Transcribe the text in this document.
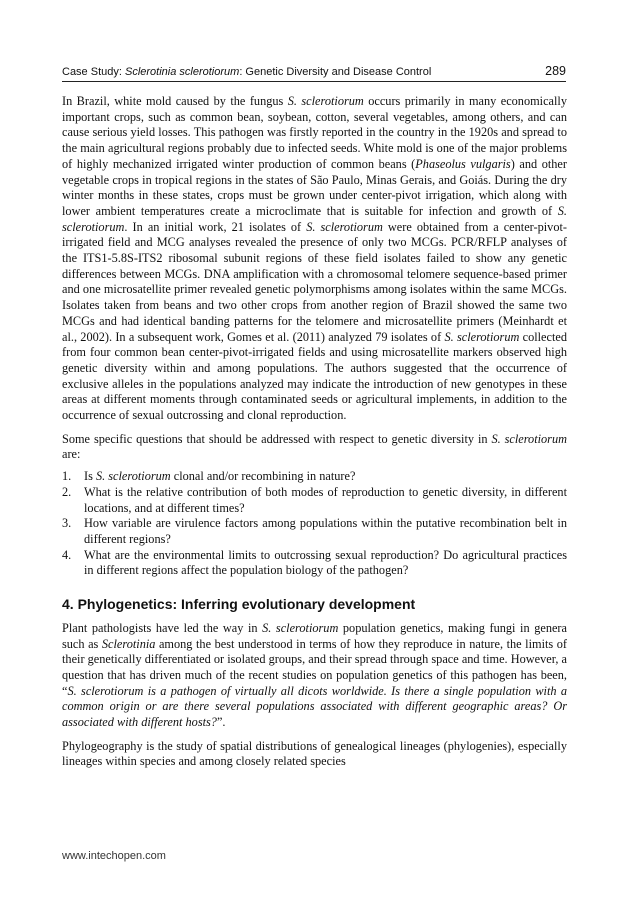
Case Study: Sclerotinia sclerotiorum: Genetic Diversity and Disease Control	289

In Brazil, white mold caused by the fungus S. sclerotiorum occurs primarily in many economically important crops, such as common bean, soybean, cotton, several vegetables, among others, and can cause serious yield losses. This pathogen was firstly reported in the country in the 1920s and spread to the main agricultural regions probably due to infected seeds. White mold is one of the major problems of highly mechanized irrigated winter production of common beans (Phaseolus vulgaris) and other vegetable crops in tropical regions in the states of São Paulo, Minas Gerais, and Goiás. During the dry winter months in these states, crops must be grown under center-pivot irrigation, which along with lower ambient temperatures create a microclimate that is suitable for infection and growth of S. sclerotiorum. In an initial work, 21 isolates of S. sclerotiorum were obtained from a center-pivot-irrigated field and MCG analyses revealed the presence of only two MCGs. PCR/RFLP analyses of the ITS1-5.8S-ITS2 ribosomal subunit regions of these field isolates failed to show any genetic differences between MCGs. DNA amplification with a chromosomal telomere sequence-based primer and one microsatellite primer revealed genetic polymorphisms among isolates within the same MCGs. Isolates taken from beans and two other crops from another region of Brazil showed the same two MCGs and had identical banding patterns for the telomere and microsatellite primers (Meinhardt et al., 2002). In a subsequent work, Gomes et al. (2011) analyzed 79 isolates of S. sclerotiorum collected from four common bean center-pivot-irrigated fields and using microsatellite markers observed high genetic diversity within and among populations. The authors suggested that the occurrence of exclusive alleles in the populations analyzed may indicate the introduction of new genotypes in these areas at different moments through contaminated seeds or agricultural implements, in addition to the occurrence of sexual outcrossing and clonal reproduction.

Some specific questions that should be addressed with respect to genetic diversity in S. sclerotiorum are:

1.	Is S. sclerotiorum clonal and/or recombining in nature?
2.	What is the relative contribution of both modes of reproduction to genetic diversity, in different locations, and at different times?
3.	How variable are virulence factors among populations within the putative recombination belt in different regions?
4.	What are the environmental limits to outcrossing sexual reproduction? Do agricultural practices in different regions affect the population biology of the pathogen?
4. Phylogenetics: Inferring evolutionary development

Plant pathologists have led the way in S. sclerotiorum population genetics, making fungi in genera such as Sclerotinia among the best understood in terms of how they reproduce in nature, the limits of their genetically differentiated or isolated groups, and their spread through space and time. However, a question that has driven much of the recent studies on population genetics of this pathogen has been, “S. sclerotiorum is a pathogen of virtually all dicots worldwide. Is there a single population with a common origin or are there several populations associated with different geographic areas? Or associated with different hosts?”.

Phylogeography is the study of spatial distributions of genealogical lineages (phylogenies), especially lineages within species and among closely related species

www.intechopen.com
